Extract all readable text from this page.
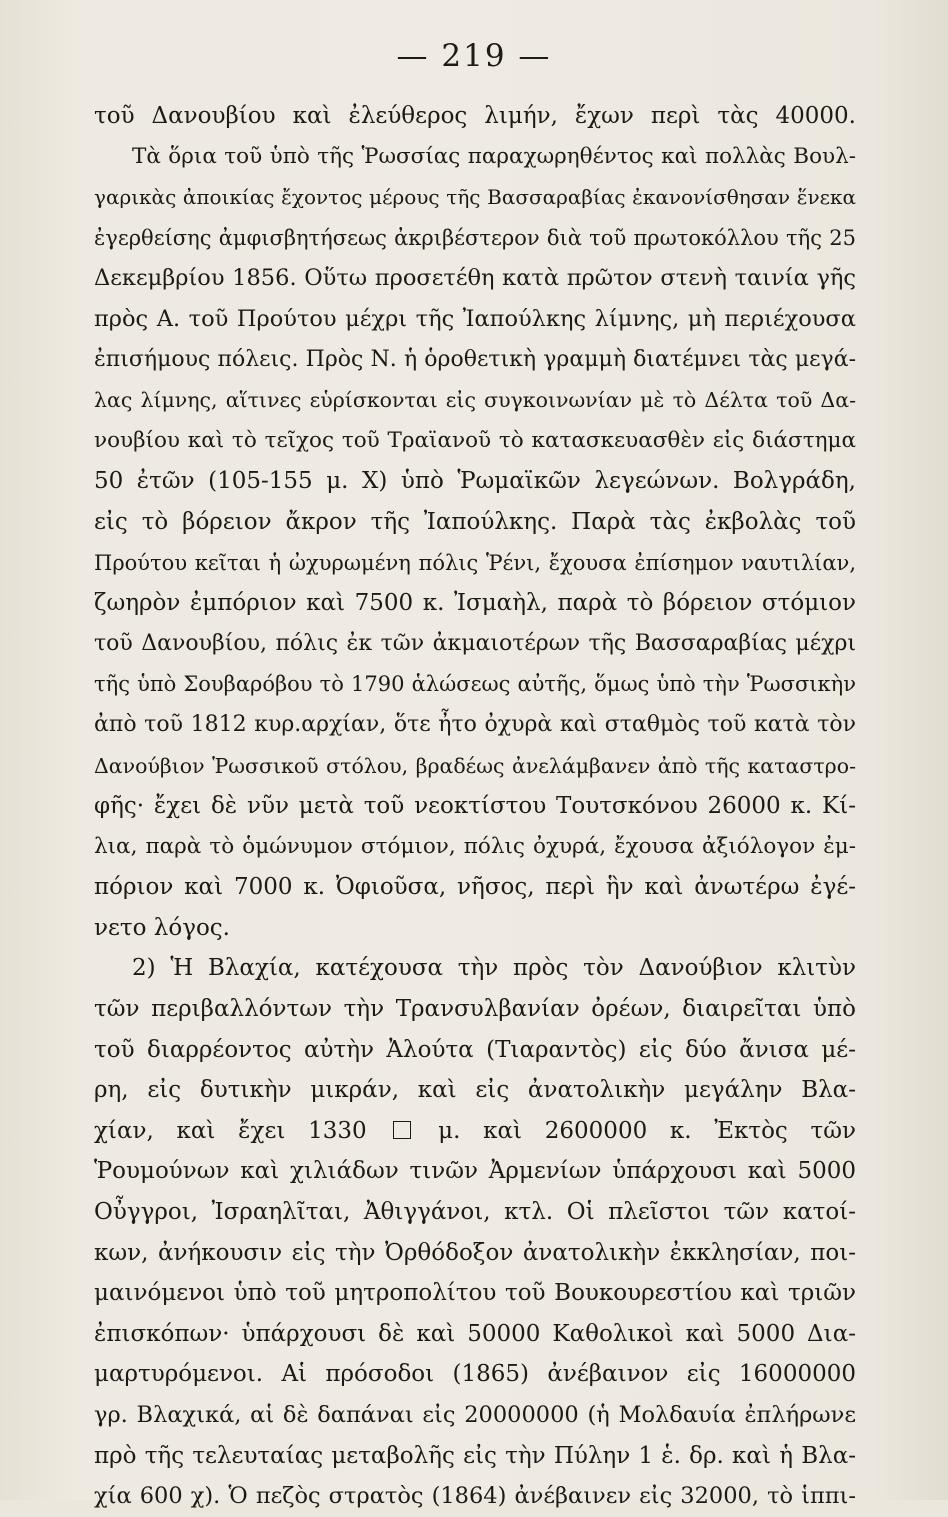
— 219 —
τοῦ Δανουβίου καὶ ἐλεύθερος λιμήν, ἔχων περὶ τὰς 40000.
Τὰ ὅρια τοῦ ὑπὸ τῆς Ῥωσσίας παραχωρηθέντος καὶ πολλὰς Βουλ-
γαρικὰς ἀποικίας ἔχοντος μέρους τῆς Βασσαραβίας ἐκανονίσθησαν ἕνεκα
ἐγερθείσης ἀμφισβητήσεως ἀκριβέστερον διὰ τοῦ πρωτοκόλλου τῆς 25
Δεκεμβρίου 1856. Οὕτω προσετέθη κατὰ πρῶτον στενὴ ταινία γῆς
πρὸς Α. τοῦ Προύτου μέχρι τῆς Ἰαπούλκης λίμνης, μὴ περιέχουσα
ἐπισήμους πόλεις. Πρὸς Ν. ἡ ὁροθετικὴ γραμμὴ διατέμνει τὰς μεγά-
λας λίμνης, αἵτινες εὑρίσκονται εἰς συγκοινωνίαν μὲ τὸ Δέλτα τοῦ Δα-
νουβίου καὶ τὸ τεῖχος τοῦ Τραϊανοῦ τὸ κατασκευασθὲν εἰς διάστημα
50 ἐτῶν (105-155 μ. Χ) ὑπὸ Ῥωμαϊκῶν λεγεώνων. Βολγράδη,
εἰς τὸ βόρειον ἄκρον τῆς Ἰαπούλκης. Παρὰ τὰς ἐκβολὰς τοῦ
Προύτου κεῖται ἡ ὠχυρωμένη πόλις Ῥένι, ἔχουσα ἐπίσημον ναυτιλίαν,
ζωηρὸν ἐμπόριον καὶ 7500 κ. Ἰσμαὴλ, παρὰ τὸ βόρειον στόμιον
τοῦ Δανουβίου, πόλις ἐκ τῶν ἀκμαιοτέρων τῆς Βασσαραβίας μέχρι
τῆς ὑπὸ Σουβαρόβου τὸ 1790 ἁλώσεως αὐτῆς, ὅμως ὑπὸ τὴν Ῥωσσικὴν
ἀπὸ τοῦ 1812 κυρ.αρχίαν, ὅτε ἦτο ὀχυρὰ καὶ σταθμὸς τοῦ κατὰ τὸν
Δανούβιον Ῥωσσικοῦ στόλου, βραδέως ἀνελάμβανεν ἀπὸ τῆς καταστρο-
φῆς· ἔχει δὲ νῦν μετὰ τοῦ νεοκτίστου Τουτσκόνου 26000 κ. Κί-
λια, παρὰ τὸ ὁμώνυμον στόμιον, πόλις ὀχυρά, ἔχουσα ἀξιόλογον ἐμ-
πόριον καὶ 7000 κ. Ὀφιοῦσα, νῆσος, περὶ ἣν καὶ ἀνωτέρω ἐγέ-
νετο λόγος.
2) Ἡ Βλαχία, κατέχουσα τὴν πρὸς τὸν Δανούβιον κλιτὺν
τῶν περιβαλλόντων τὴν Τρανσυλβανίαν ὀρέων, διαιρεῖται ὑπὸ
τοῦ διαρρέοντος αὐτὴν Ἀλούτα (Τιαραντὸς) εἰς δύο ἄνισα μέ-
ρη, εἰς δυτικὴν μικράν, καὶ εἰς ἀνατολικὴν μεγάλην Βλα-
χίαν, καὶ ἔχει 1330	μ. καὶ 2600000 κ. Ἐκτὸς τῶν
Ῥουμούνων καὶ χιλιάδων τινῶν Ἀρμενίων ὑπάρχουσι καὶ 5000
Οὖγγροι, Ἰσραηλῖται, Ἀθιγγάνοι, κτλ. Οἱ πλεῖστοι τῶν κατοί-
κων, ἀνήκουσιν εἰς τὴν Ὀρθόδοξον ἀνατολικὴν ἐκκλησίαν, ποι-
μαινόμενοι ὑπὸ τοῦ μητροπολίτου τοῦ Βουκουρεστίου καὶ τριῶν
ἐπισκόπων· ὑπάρχουσι δὲ καὶ 50000 Καθολικοὶ καὶ 5000 Δια-
μαρτυρόμενοι. Αἱ πρόσοδοι (1865) ἀνέβαινον εἰς 16000000
γρ. Βλαχικά, αἱ δὲ δαπάναι εἰς 20000000 (ἡ Μολδαυία ἐπλήρωνε
πρὸ τῆς τελευταίας μεταβολῆς εἰς τὴν Πύλην 1 ἑ. δρ. καὶ ἡ Βλα-
χία 600 χ). Ὁ πεζὸς στρατὸς (1864) ἀνέβαινεν εἰς 32000, τὸ ἱππι-
